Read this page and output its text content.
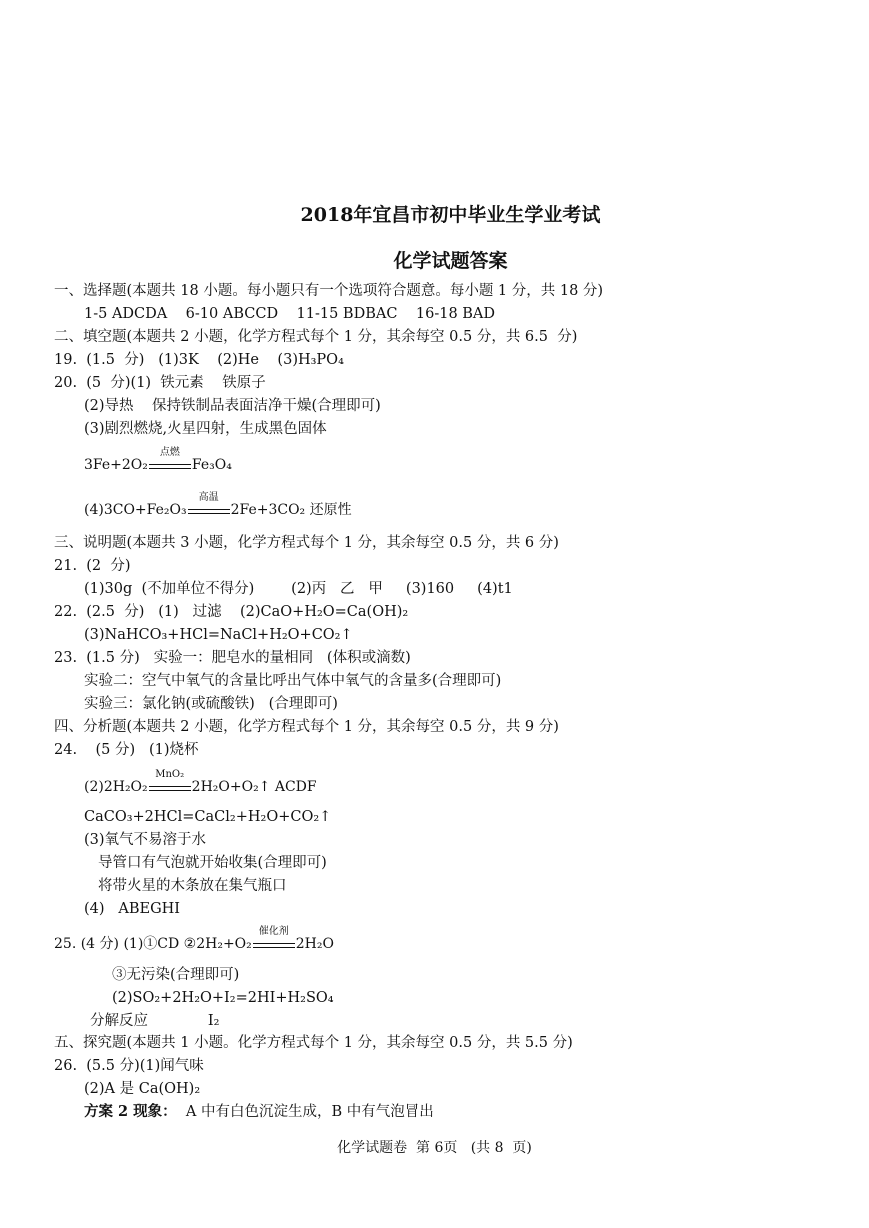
2018年宜昌市初中毕业生学业考试
化学试题答案
一、选择题(本题共 18 小题。每小题只有一个选项符合题意。每小题 1 分，共 18 分)
1-5 ADCDA    6-10 ABCCD    11-15 BDBAC    16-18 BAD
二、填空题(本题共 2 小题，化学方程式每个 1 分，其余每空 0.5 分，共 6.5  分)
19.  (1.5  分)   (1)3K    (2)He    (3)H₃PO₄
20.  (5  分)(1)  铁元素    铁原子
(2)导热    保持铁制品表面洁净干燥(合理即可)
(3)剧烈燃烧,火星四射，生成黑色固体
3Fe+2O₂
点燃
Fe₃O₄
(4)3CO+Fe₂O₃
高温
2Fe+3CO₂ 还原性
三、说明题(本题共 3 小题，化学方程式每个 1 分，其余每空 0.5 分，共 6 分)
21.  (2  分)
(1)30g  (不加单位不得分)        (2)丙   乙   甲     (3)160     (4)t1
22.  (2.5  分)   (1)   过滤    (2)CaO+H₂O=Ca(OH)₂
(3)NaHCO₃+HCl=NaCl+H₂O+CO₂↑
23.  (1.5 分)   实验一：肥皂水的量相同   (体积或滴数)
实验二：空气中氧气的含量比呼出气体中氧气的含量多(合理即可)
实验三：氯化钠(或硫酸铁)   (合理即可)
四、分析题(本题共 2 小题，化学方程式每个 1 分，其余每空 0.5 分，共 9 分)
24.    (5 分)   (1)烧杯
(2)2H₂O₂
MnO₂
2H₂O+O₂↑ ACDF
CaCO₃+2HCl=CaCl₂+H₂O+CO₂↑
(3)氧气不易溶于水
导管口有气泡就开始收集(合理即可)
将带火星的木条放在集气瓶口
(4)   ABEGHI
25. (4 分) (1)①CD ②2H₂+O₂
催化剂
2H₂O
③无污染(合理即可)
(2)SO₂+2H₂O+I₂=2HI+H₂SO₄
分解反应             I₂
五、探究题(本题共 1 小题。化学方程式每个 1 分，其余每空 0.5 分，共 5.5 分)
26.  (5.5 分)(1)闻气味
(2)A 是 Ca(OH)₂
方案 2 现象： A 中有白色沉淀生成，B 中有气泡冒出
化学试题卷  第 6页   (共 8  页)
